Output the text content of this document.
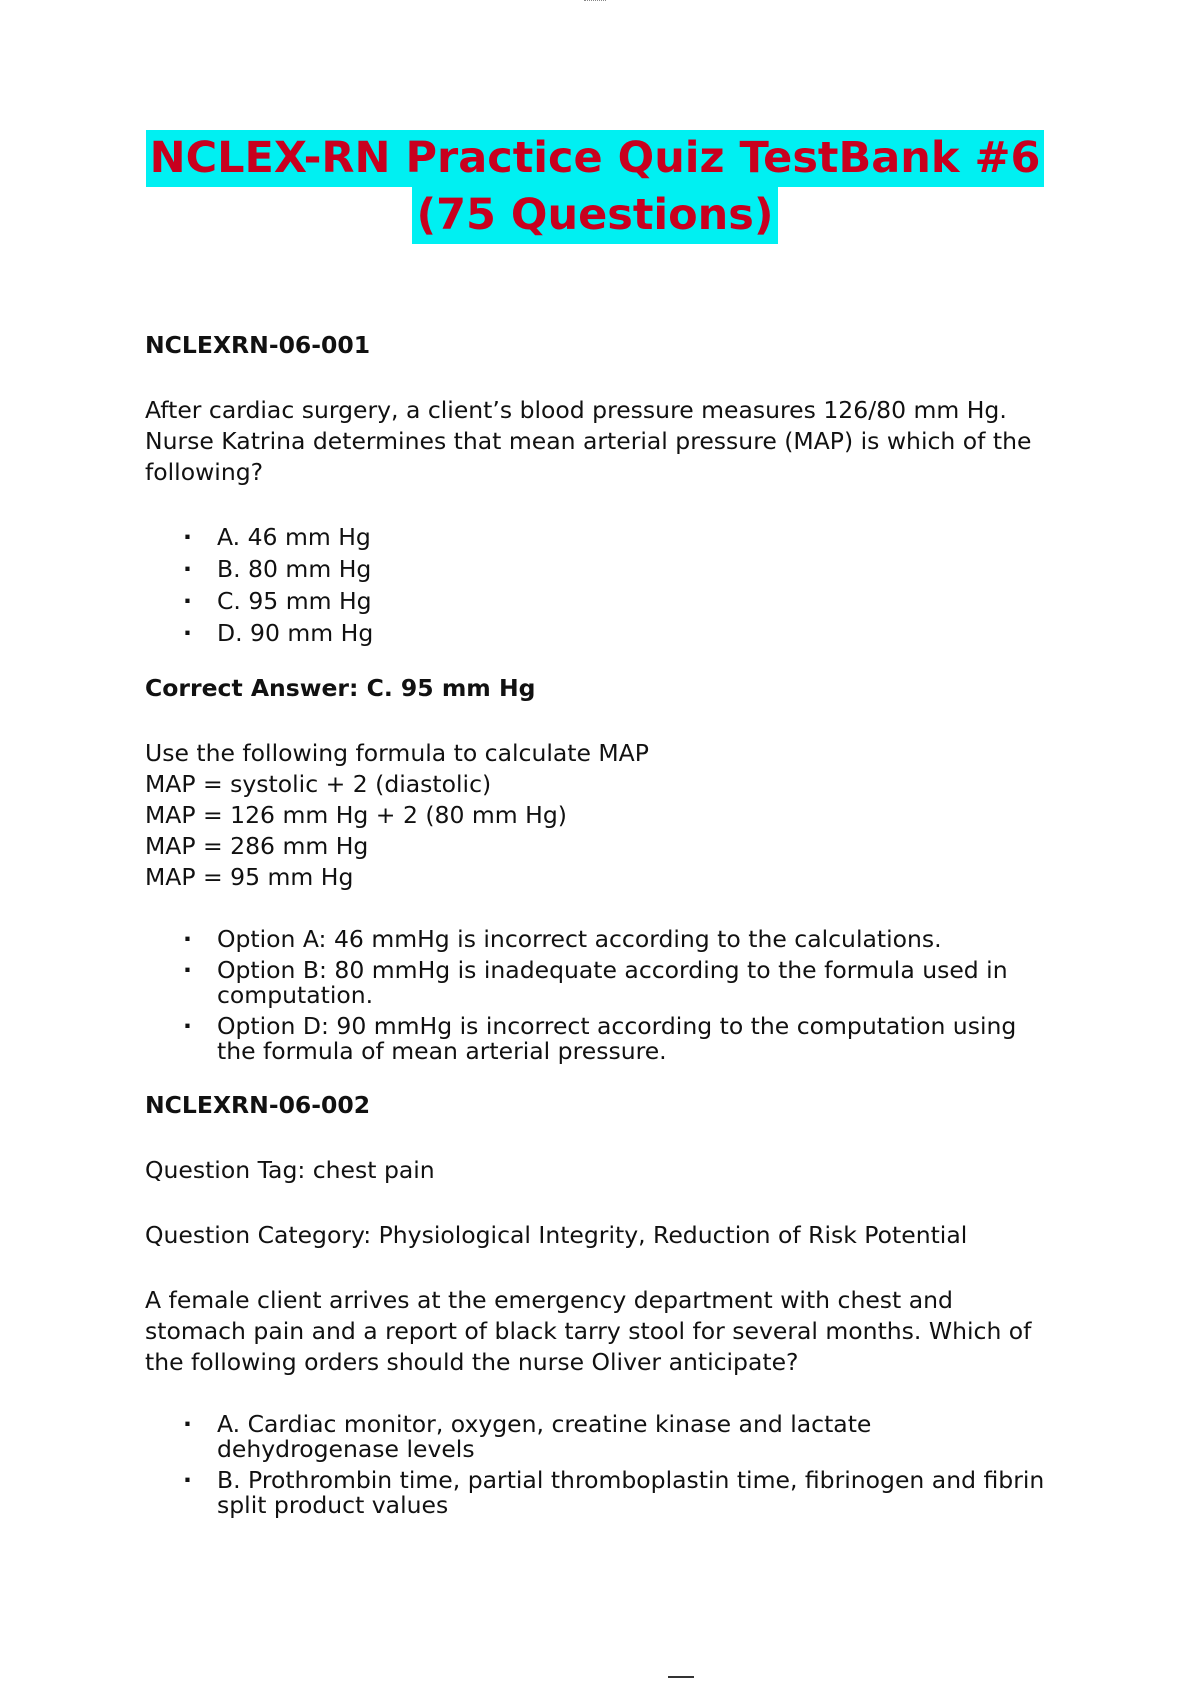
NCLEX-RN Practice Quiz TestBank #6
(75 Questions)
NCLEXRN-06-001

After cardiac surgery, a client’s blood pressure measures 126/80 mm Hg. Nurse Katrina determines that mean arterial pressure (MAP) is which of the following?

· A. 46 mm Hg
· B. 80 mm Hg
· C. 95 mm Hg
· D. 90 mm Hg
Correct Answer: C. 95 mm Hg
Use the following formula to calculate MAP
MAP = systolic + 2 (diastolic)
MAP = 126 mm Hg + 2 (80 mm Hg)
MAP = 286 mm Hg
MAP = 95 mm Hg
· Option A: 46 mmHg is incorrect according to the calculations.
· Option B: 80 mmHg is inadequate according to the formula used in computation.
· Option D: 90 mmHg is incorrect according to the computation using the formula of mean arterial pressure.
NCLEXRN-06-002

Question Tag: chest pain

Question Category: Physiological Integrity, Reduction of Risk Potential

A female client arrives at the emergency department with chest and stomach pain and a report of black tarry stool for several months. Which of the following orders should the nurse Oliver anticipate?

· A. Cardiac monitor, oxygen, creatine kinase and lactate dehydrogenase levels
· B. Prothrombin time, partial thromboplastin time, fibrinogen and fibrin split product values
